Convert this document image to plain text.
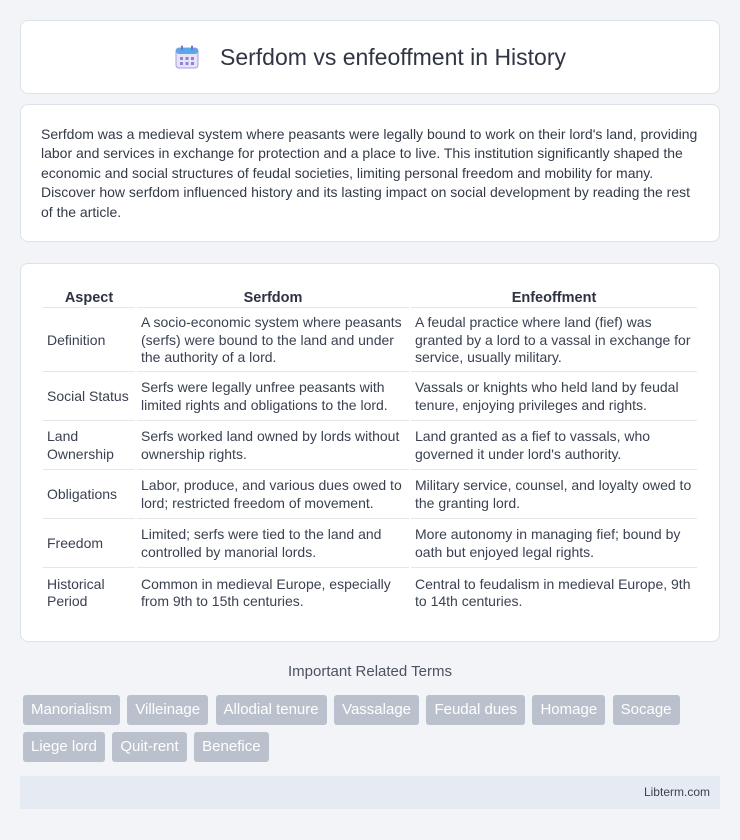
Serfdom vs enfeoffment in History

Serfdom was a medieval system where peasants were legally bound to work on their lord's land, providing labor and services in exchange for protection and a place to live. This institution significantly shaped the economic and social structures of feudal societies, limiting personal freedom and mobility for many. Discover how serfdom influenced history and its lasting impact on social development by reading the rest of the article.

Aspect	Serfdom	Enfeoffment
Definition	A socio-economic system where peasants (serfs) were bound to the land and under the authority of a lord.	A feudal practice where land (fief) was granted by a lord to a vassal in exchange for service, usually military.
Social Status	Serfs were legally unfree peasants with limited rights and obligations to the lord.	Vassals or knights who held land by feudal tenure, enjoying privileges and rights.
Land Ownership	Serfs worked land owned by lords without ownership rights.	Land granted as a fief to vassals, who governed it under lord's authority.
Obligations	Labor, produce, and various dues owed to lord; restricted freedom of movement.	Military service, counsel, and loyalty owed to the granting lord.
Freedom	Limited; serfs were tied to the land and controlled by manorial lords.	More autonomy in managing fief; bound by oath but enjoyed legal rights.
Historical Period	Common in medieval Europe, especially from 9th to 15th centuries.	Central to feudalism in medieval Europe, 9th to 14th centuries.
Important Related Terms
Manorialism Villeinage Allodial tenure Vassalage Feudal dues Homage Socage Liege lord Quit-rent Benefice
Libterm.com
